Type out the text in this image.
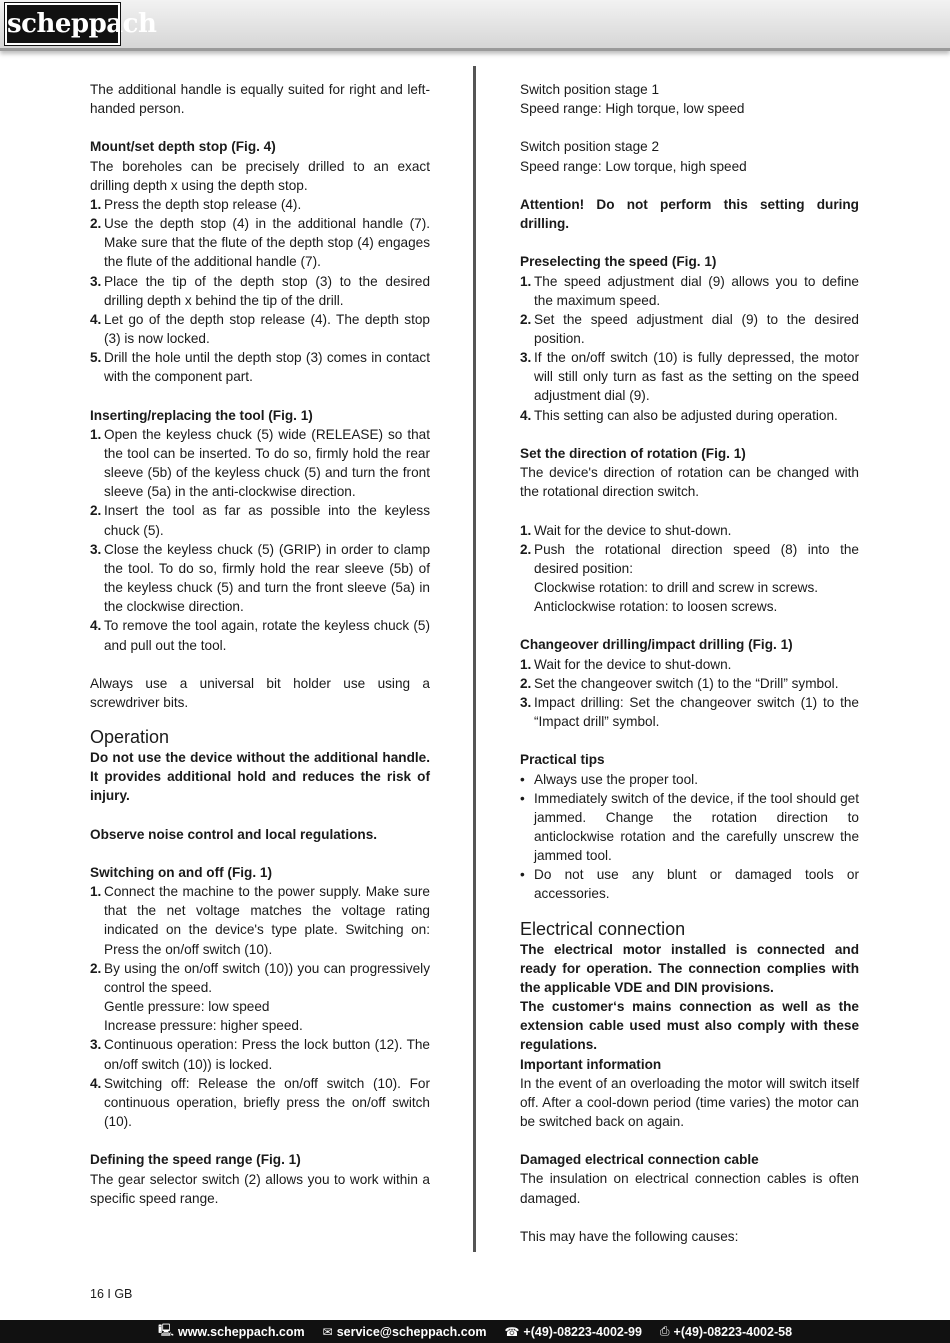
scheppach

The additional handle is equally suited for right and left-handed person.

Mount/set depth stop (Fig. 4)

The boreholes can be precisely drilled to an exact drilling depth x using the depth stop.

1. Press the depth stop release (4).
2. Use the depth stop (4) in the additional handle (7). Make sure that the flute of the depth stop (4) engages the flute of the additional handle (7).
3. Place the tip of the depth stop (3) to the desired drilling depth x behind the tip of the drill.
4. Let go of the depth stop release (4). The depth stop (3) is now locked.
5. Drill the hole until the depth stop (3) comes in contact with the component part.
Inserting/replacing the tool (Fig. 1)
1. Open the keyless chuck (5) wide (RELEASE) so that the tool can be inserted. To do so, firmly hold the rear sleeve (5b) of the keyless chuck (5) and turn the front sleeve (5a) in the anti-clockwise direction.
2. Insert the tool as far as possible into the keyless chuck (5).
3. Close the keyless chuck (5) (GRIP) in order to clamp the tool. To do so, firmly hold the rear sleeve (5b) of the keyless chuck (5) and turn the front sleeve (5a) in the clockwise direction.
4. To remove the tool again, rotate the keyless chuck (5) and pull out the tool.

Always use a universal bit holder use using a screwdriver bits.

Operation

Do not use the device without the additional handle. It provides additional hold and reduces the risk of injury.

Observe noise control and local regulations.

Switching on and off (Fig. 1)
1. Connect the machine to the power supply. Make sure that the net voltage matches the voltage rating indicated on the device's type plate. Switching on: Press the on/off switch (10).
2. By using the on/off switch (10)) you can progressively control the speed.
Gentle pressure: low speed
Increase pressure: higher speed.
3. Continuous operation: Press the lock button (12). The on/off switch (10)) is locked.
4. Switching off: Release the on/off switch (10). For continuous operation, briefly press the on/off switch (10).
Defining the speed range (Fig. 1)

The gear selector switch (2) allows you to work within a specific speed range.

Switch position stage 1
Speed range: High torque, low speed
Switch position stage 2
Speed range: Low torque, high speed

Attention! Do not perform this setting during drilling.

Preselecting the speed (Fig. 1)
1. The speed adjustment dial (9) allows you to define the maximum speed.
2. Set the speed adjustment dial (9) to the desired position.
3. If the on/off switch (10) is fully depressed, the motor will still only turn as fast as the setting on the speed adjustment dial (9).
4. This setting can also be adjusted during operation.
Set the direction of rotation (Fig. 1)

The device's direction of rotation can be changed with the rotational direction switch.

1. Wait for the device to shut-down.
2. Push the rotational direction speed (8) into the desired position:
Clockwise rotation: to drill and screw in screws.
Anticlockwise rotation: to loosen screws.
Changeover drilling/impact drilling (Fig. 1)
1. Wait for the device to shut-down.
2. Set the changeover switch (1) to the “Drill” symbol.
3. Impact drilling: Set the changeover switch (1) to the “Impact drill” symbol.
Practical tips
• Always use the proper tool.
• Immediately switch of the device, if the tool should get jammed. Change the rotation direction to anticlockwise rotation and the carefully unscrew the jammed tool.
• Do not use any blunt or damaged tools or accessories.
Electrical connection

The electrical motor installed is connected and ready for operation. The connection complies with the applicable VDE and DIN provisions.

The customer‘s mains connection as well as the extension cable used must also comply with these regulations.

Important information

In the event of an overloading the motor will switch itself off. After a cool-down period (time varies) the motor can be switched back on again.

Damaged electrical connection cable

The insulation on electrical connection cables is often damaged.

This may have the following causes:

16 I GB
🖳 www.scheppach.com ✉ service@scheppach.com ☎ +(49)-08223-4002-99 ⎙ +(49)-08223-4002-58
